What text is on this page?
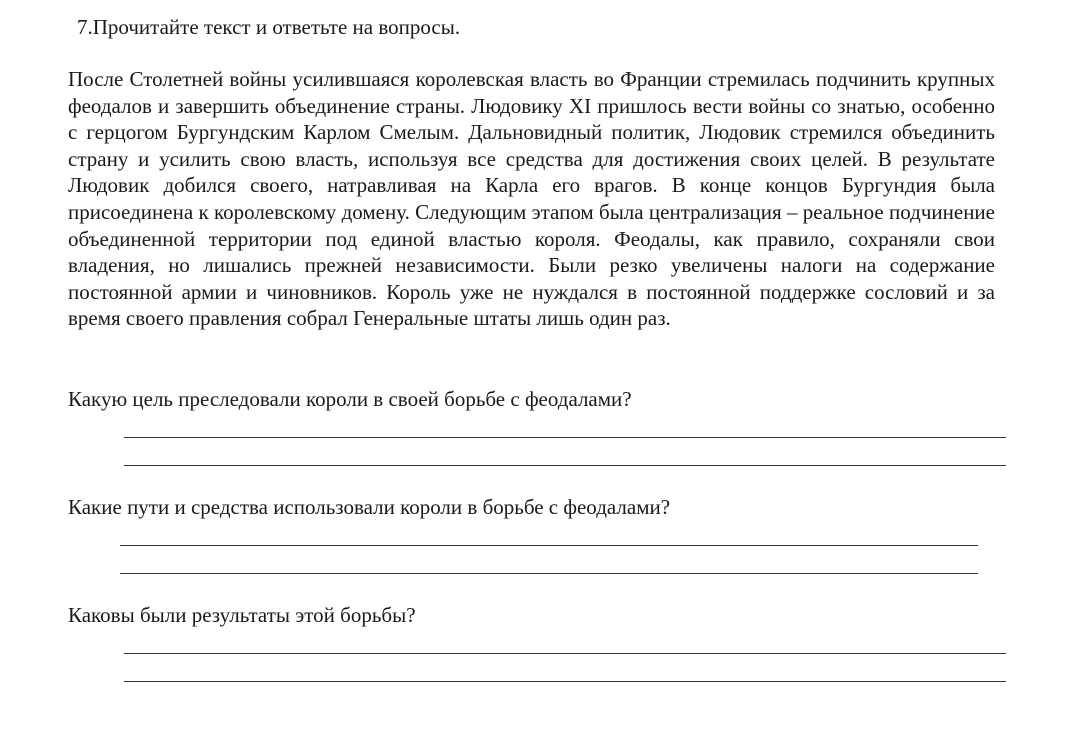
7.Прочитайте текст и ответьте на вопросы.
После Столетней войны усилившаяся королевская власть во Франции стремилась подчинить крупных феодалов и завершить объединение страны. Людовику XI пришлось вести войны со знатью, особенно с герцогом Бургундским Карлом Смелым. Дальновидный политик, Людовик стремился объединить страну и усилить свою власть, используя все средства для достижения своих целей. В результате Людовик добился своего, натравливая на Карла его врагов. В конце концов Бургундия была присоединена к королевскому домену. Следующим этапом была централизация – реальное подчинение объединенной территории под единой властью короля. Феодалы, как правило, сохраняли свои владения, но лишались прежней независимости. Были резко увеличены налоги на содержание постоянной армии и чиновников. Король уже не нуждался в постоянной поддержке сословий и за время своего правления собрал Генеральные штаты лишь один раз.
Какую цель преследовали короли в своей борьбе с феодалами?
Какие пути и средства использовали короли в борьбе с феодалами?
Каковы были результаты этой борьбы?
